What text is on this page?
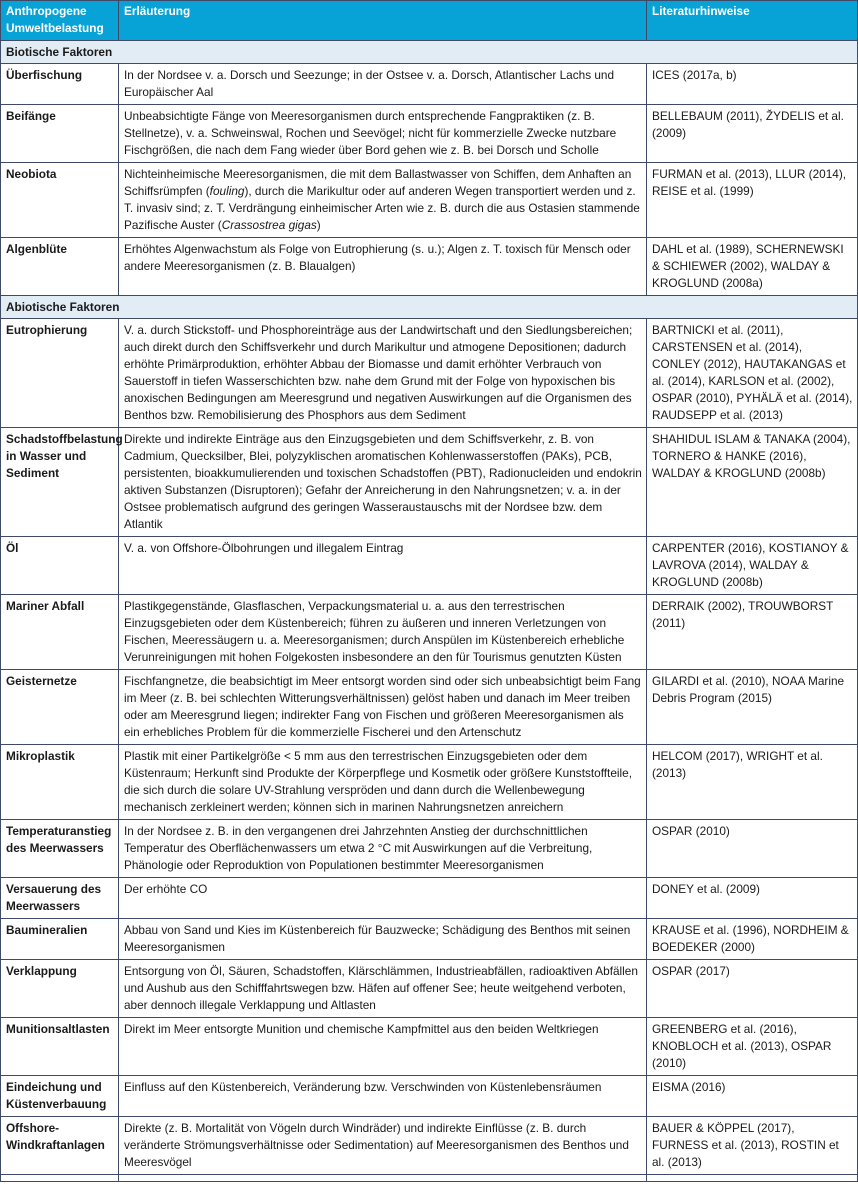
Anthropogene Umweltbelastung	Erläuterung	Literaturhinweise
Biotische Faktoren		
Überfischung	In der Nordsee v. a. Dorsch und Seezunge; in der Ostsee v. a. Dorsch, Atlantischer Lachs und Europäischer Aal	ICES (2017a, b)
Beifänge	Unbeabsichtigte Fänge von Meeresorganismen durch entsprechende Fangpraktiken (z. B. Stellnetze), v. a. Schweinswal, Rochen und Seevögel; nicht für kommerzielle Zwecke nutzbare Fischgrößen, die nach dem Fang wieder über Bord gehen wie z. B. bei Dorsch und Scholle	BELLEBAUM (2011), ŽYDELIS et al. (2009)
Neobiota	Nichteinheimische Meeresorganismen, die mit dem Ballastwasser von Schiffen, dem Anhaften an Schiffsrümpfen (fouling), durch die Marikultur oder auf anderen Wegen transportiert werden und z. T. invasiv sind; z. T. Verdrängung einheimischer Arten wie z. B. durch die aus Ostasien stammende Pazifische Auster (Crassostrea gigas)	FURMAN et al. (2013), LLUR (2014), REISE et al. (1999)
Algenblüte	Erhöhtes Algenwachstum als Folge von Eutrophierung (s. u.); Algen z. T. toxisch für Mensch oder andere Meeresorganismen (z. B. Blaualgen)	DAHL et al. (1989), SCHERNEWSKI & SCHIEWER (2002), WALDAY & KROGLUND (2008a)
Abiotische Faktoren		
Eutrophierung	V. a. durch Stickstoff- und Phosphoreinträge aus der Landwirtschaft und den Siedlungsbereichen; auch direkt durch den Schiffsverkehr und durch Marikultur und atmogene Depositionen; dadurch erhöhte Primärproduktion, erhöhter Abbau der Biomasse und damit erhöhter Verbrauch von Sauerstoff in tiefen Wasserschichten bzw. nahe dem Grund mit der Folge von hypoxischen bis anoxischen Bedingungen am Meeresgrund und negativen Auswirkungen auf die Organismen des Benthos bzw. Remobilisierung des Phosphors aus dem Sediment	BARTNICKI et al. (2011), CARSTENSEN et al. (2014), CONLEY (2012), HAUTAKANGAS et al. (2014), KARLSON et al. (2002), OSPAR (2010), PYHÄLÄ et al. (2014), RAUDSEPP et al. (2013)
Schadstoffbelastung in Wasser und Sediment	Direkte und indirekte Einträge aus den Einzugsgebieten und dem Schiffsverkehr, z. B. von Cadmium, Quecksilber, Blei, polyzyklischen aromatischen Kohlenwasserstoffen (PAKs), PCB, persistenten, bioakkumulierenden und toxischen Schadstoffen (PBT), Radionucleiden und endokrin aktiven Substanzen (Disruptoren); Gefahr der Anreicherung in den Nahrungsnetzen; v. a. in der Ostsee problematisch aufgrund des geringen Wasseraustauschs mit der Nordsee bzw. dem Atlantik	SHAHIDUL ISLAM & TANAKA (2004), TORNERO & HANKE (2016), WALDAY & KROGLUND (2008b)
Öl	V. a. von Offshore-Ölbohrungen und illegalem Eintrag	CARPENTER (2016), KOSTIANOY & LAVROVA (2014), WALDAY & KROGLUND (2008b)
Mariner Abfall	Plastikgegenstände, Glasflaschen, Verpackungsmaterial u. a. aus den terrestrischen Einzugsgebieten oder dem Küstenbereich; führen zu äußeren und inneren Verletzungen von Fischen, Meeressäugern u. a. Meeresorganismen; durch Anspülen im Küstenbereich erhebliche Verunreinigungen mit hohen Folgekosten insbesondere an den für Tourismus genutzten Küsten	DERRAIK (2002), TROUWBORST (2011)
Geisternetze	Fischfangnetze, die beabsichtigt im Meer entsorgt worden sind oder sich unbeabsichtigt beim Fang im Meer (z. B. bei schlechten Witterungsverhältnissen) gelöst haben und danach im Meer treiben oder am Meeresgrund liegen; indirekter Fang von Fischen und größeren Meeresorganismen als ein erhebliches Problem für die kommerzielle Fischerei und den Artenschutz	GILARDI et al. (2010), NOAA Marine Debris Program (2015)
Mikroplastik	Plastik mit einer Partikelgröße < 5 mm aus den terrestrischen Einzugsgebieten oder dem Küstenraum; Herkunft sind Produkte der Körperpflege und Kosmetik oder größere Kunststoffteile, die sich durch die solare UV-Strahlung verspröden und dann durch die Wellenbewegung mechanisch zerkleinert werden; können sich in marinen Nahrungsnetzen anreichern	HELCOM (2017), WRIGHT et al. (2013)
Temperaturanstieg des Meerwassers	In der Nordsee z. B. in den vergangenen drei Jahrzehnten Anstieg der durchschnittlichen Temperatur des Oberflächenwassers um etwa 2 °C mit Auswirkungen auf die Verbreitung, Phänologie oder Reproduktion von Populationen bestimmter Meeresorganismen	OSPAR (2010)
Versauerung des Meerwassers	Der erhöhte CO	DONEY et al. (2009)
Baumineralien	Abbau von Sand und Kies im Küstenbereich für Bauzwecke; Schädigung des Benthos mit seinen Meeresorganismen	KRAUSE et al. (1996), NORDHEIM & BOEDEKER (2000)
Verklappung	Entsorgung von Öl, Säuren, Schadstoffen, Klärschlämmen, Industrieabfällen, radioaktiven Abfällen und Aushub aus den Schifffahrtswegen bzw. Häfen auf offener See; heute weitgehend verboten, aber dennoch illegale Verklappung und Altlasten	OSPAR (2017)
Munitionsaltlasten	Direkt im Meer entsorgte Munition und chemische Kampfmittel aus den beiden Weltkriegen	GREENBERG et al. (2016), KNOBLOCH et al. (2013), OSPAR (2010)
Eindeichung und Küstenverbauung	Einfluss auf den Küstenbereich, Veränderung bzw. Verschwinden von Küstenlebensräumen	EISMA (2016)
Offshore-Windkraftanlagen	Direkte (z. B. Mortalität von Vögeln durch Windräder) und indirekte Einflüsse (z. B. durch veränderte Strömungsverhältnisse oder Sedimentation) auf Meeresorganismen des Benthos und Meeresvögel	BAUER & KÖPPEL (2017), FURNESS et al. (2013), ROSTIN et al. (2013)
